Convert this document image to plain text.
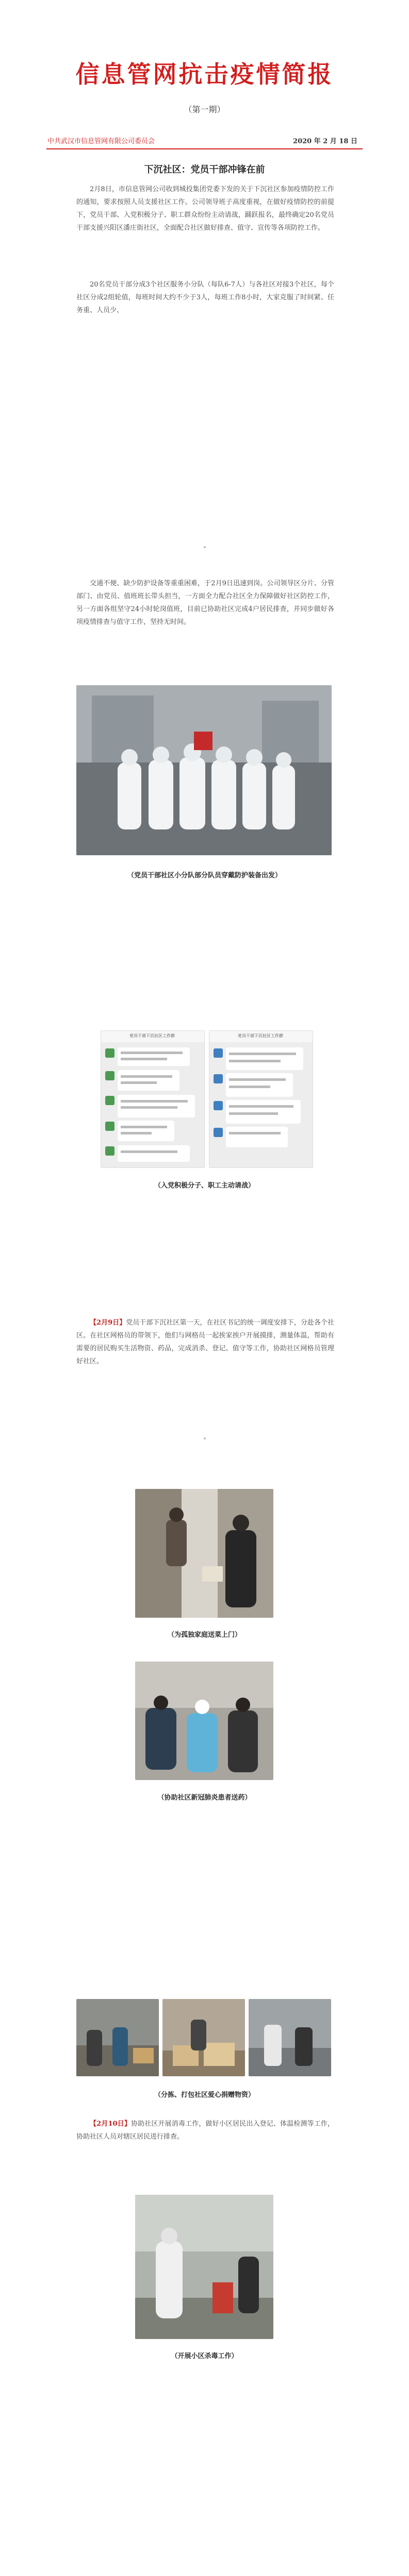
信息管网抗击疫情简报
（第一期）
中共武汉市信息管网有限公司委员会	2020 年 2 月 18 日
下沉社区：党员干部冲锋在前

2月8日，市信息管网公司收到城投集团党委下发的关于下沉社区参加疫情防控工作的通知，要求按照人员支援社区工作。公司领导班子高度重视，在做好疫情防控的前提下，党员干部、入党积极分子、职工群众纷纷主动请战，踊跃报名，最终确定20名党员干部支援兴阳区潘庄街社区，全面配合社区做好排查、值守、宣传等各项防控工作。

20名党员干部分成3个社区服务小分队（每队6-7人）与各社区对接3个社区，每个社区分成2组轮值，每班时间大约不少于3人，每班工作8小时，大家克服了时间紧、任务重、人员少、

交通不便、缺少防护设备等重重困难，于2月9日迅速到岗。公司领导区分片、分管部门、由党员、值班班长带头担当，一方面全力配合社区全力保障做好社区防控工作，另一方面各组坚守24小时轮岗值班，目前已协助社区完成4户居民排查，并同步做好各项疫情排查与值守工作，坚持无时间。

（党员干部社区小分队部分队员穿戴防护装备出发）
党员干部下沉社区工作群	党员干部下沉社区工作群
（入党积极分子、职工主动请战）

【2月9日】党员干部下沉社区第一天，在社区书记的统一调度安排下，分赴各个社区。在社区网格员的带领下，他们与网格员一起挨家挨户开展摸排，测量体温，帮助有需要的居民购买生活物资、药品，完成消杀、登记、值守等工作，协助社区网格员管理好社区。

（为孤独家庭送菜上门）
（协助社区新冠肺炎患者送药）
（分拣、打包社区爱心捐赠物资）

【2月10日】协助社区开展消毒工作，做好小区居民出入登记、体温检测等工作，协助社区人员对辖区居民进行排查。

（开展小区杀毒工作）
